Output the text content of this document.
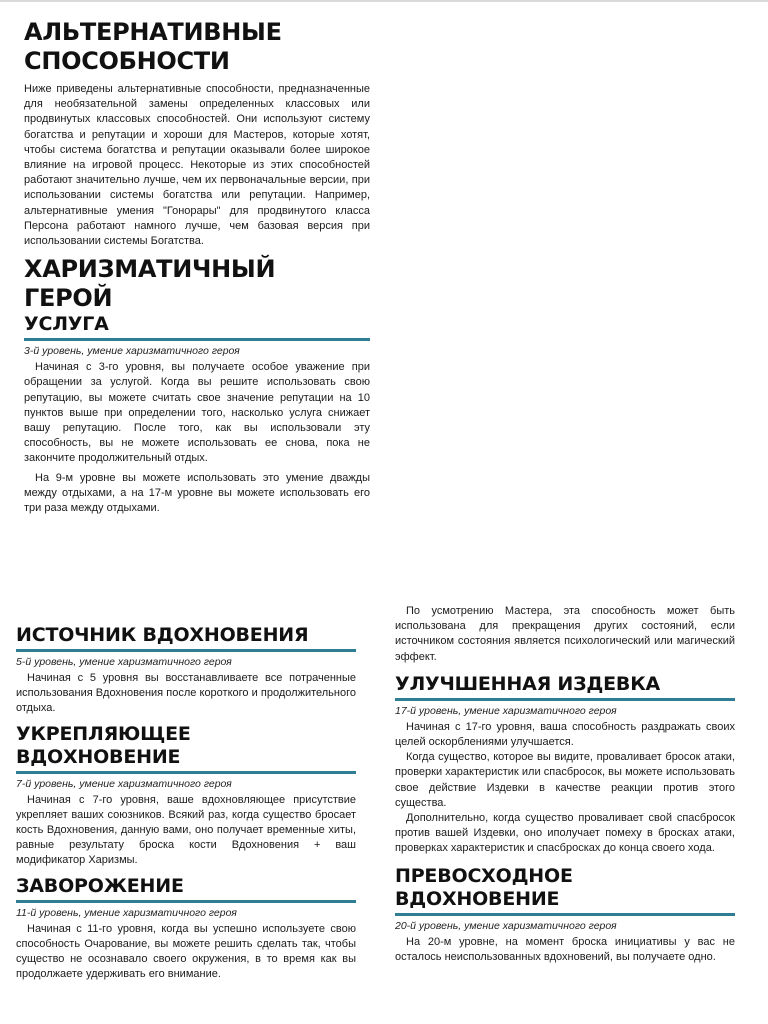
АЛЬТЕРНАТИВНЫЕ
СПОСОБНОСТИ

Ниже приведены альтернативные способности, предназначенные для необязательной замены определенных классовых или продвинутых классовых способностей. Они используют систему богатства и репутации и хороши для Мастеров, которые хотят, чтобы система богатства и репутации оказывали более широкое влияние на игровой процесс. Некоторые из этих способностей работают значительно лучше, чем их первоначальные версии, при использовании системы богатства или репутации. Например, альтернативные умения "Гонорары" для продвинутого класса Персона работают намного лучше, чем базовая версия при использовании системы Богатства.

ХАРИЗМАТИЧНЫЙ
ГЕРОЙ
УСЛУГА
3-й уровень, умение харизматичного героя

Начиная с 3-го уровня, вы получаете особое уважение при обращении за услугой. Когда вы решите использовать свою репутацию, вы можете считать свое значение репутации на 10 пунктов выше при определении того, насколько услуга снижает вашу репутацию. После того, как вы использовали эту способность, вы не можете использовать ее снова, пока не закончите продолжительный отдых.

На 9-м уровне вы можете использовать это умение дважды между отдыхами, а на 17-м уровне вы можете использовать его три раза между отдыхами.

ИСТОЧНИК ВДОХНОВЕНИЯ
5-й уровень, умение харизматичного героя

Начиная с 5 уровня вы восстанавливаете все потраченные использования Вдохновения после короткого и продолжительного отдыха.

УКРЕПЛЯЮЩЕЕ
ВДОХНОВЕНИЕ
7-й уровень, умение харизматичного героя

Начиная с 7-го уровня, ваше вдохновляющее присутствие укрепляет ваших союзников. Всякий раз, когда существо бросает кость Вдохновения, данную вами, оно получает временные хиты, равные результату броска кости Вдохновения + ваш модификатор Харизмы.

ЗАВОРОЖЕНИЕ
11-й уровень, умение харизматичного героя

Начиная с 11-го уровня, когда вы успешно используете свою способность Очарование, вы можете решить сделать так, чтобы существо не осознавало своего окружения, в то время как вы продолжаете удерживать его внимание.

По усмотрению Мастера, эта способность может быть использована для прекращения других состояний, если источником состояния является психологический или магический эффект.

УЛУЧШЕННАЯ ИЗДЕВКА
17-й уровень, умение харизматичного героя

Начиная с 17-го уровня, ваша способность раздражать своих целей оскорблениями улучшается.

Когда существо, которое вы видите, проваливает бросок атаки, проверки характеристик или спасбросок, вы можете использовать свое действие Издевки в качестве реакции против этого существа.

Дополнительно, когда существо проваливает свой спасбросок против вашей Издевки, оно иполучает помеху в бросках атаки, проверках характеристик и спасбросках до конца своего хода.

ПРЕВОСХОДНОЕ
ВДОХНОВЕНИЕ
20-й уровень, умение харизматичного героя

На 20-м уровне, на момент броска инициативы у вас не осталось неиспользованных вдохновений, вы получаете одно.
